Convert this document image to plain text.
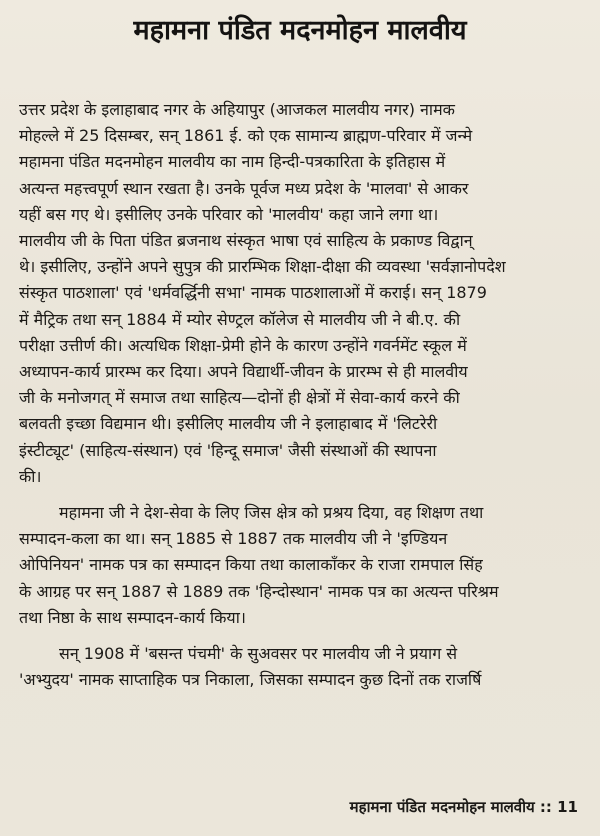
महामना पंडित मदनमोहन मालवीय

उत्तर प्रदेश के इलाहाबाद नगर के अहियापुर (आजकल मालवीय नगर) नामक
मोहल्ले में 25 दिसम्बर, सन् 1861 ई. को एक सामान्य ब्राह्मण-परिवार में जन्मे
महामना पंडित मदनमोहन मालवीय का नाम हिन्दी-पत्रकारिता के इतिहास में
अत्यन्त महत्त्वपूर्ण स्थान रखता है। उनके पूर्वज मध्य प्रदेश के 'मालवा' से आकर
यहीं बस गए थे। इसीलिए उनके परिवार को 'मालवीय' कहा जाने लगा था।
मालवीय जी के पिता पंडित ब्रजनाथ संस्कृत भाषा एवं साहित्य के प्रकाण्ड विद्वान्
थे। इसीलिए, उन्होंने अपने सुपुत्र की प्रारम्भिक शिक्षा-दीक्षा की व्यवस्था 'सर्वज्ञानोपदेश
संस्कृत पाठशाला' एवं 'धर्मवर्द्धिनी सभा' नामक पाठशालाओं में कराई। सन् 1879
में मैट्रिक तथा सन् 1884 में म्योर सेण्ट्रल कॉलेज से मालवीय जी ने बी.ए. की
परीक्षा उत्तीर्ण की। अत्यधिक शिक्षा-प्रेमी होने के कारण उन्होंने गवर्नमेंट स्कूल में
अध्यापन-कार्य प्रारम्भ कर दिया। अपने विद्यार्थी-जीवन के प्रारम्भ से ही मालवीय
जी के मनोजगत् में समाज तथा साहित्य—दोनों ही क्षेत्रों में सेवा-कार्य करने की
बलवती इच्छा विद्यमान थी। इसीलिए मालवीय जी ने इलाहाबाद में 'लिटरेरी
इंस्टीट्यूट' (साहित्य-संस्थान) एवं 'हिन्दू समाज' जैसी संस्थाओं की स्थापना
की।

महामना जी ने देश-सेवा के लिए जिस क्षेत्र को प्रश्रय दिया, वह शिक्षण तथा
सम्पादन-कला का था। सन् 1885 से 1887 तक मालवीय जी ने 'इण्डियन
ओपिनियन' नामक पत्र का सम्पादन किया तथा कालाकाँकर के राजा रामपाल सिंह
के आग्रह पर सन् 1887 से 1889 तक 'हिन्दोस्थान' नामक पत्र का अत्यन्त परिश्रम
तथा निष्ठा के साथ सम्पादन-कार्य किया।

सन् 1908 में 'बसन्त पंचमी' के सुअवसर पर मालवीय जी ने प्रयाग से
'अभ्युदय' नामक साप्ताहिक पत्र निकाला, जिसका सम्पादन कुछ दिनों तक राजर्षि

महामना पंडित मदनमोहन मालवीय :: 11
